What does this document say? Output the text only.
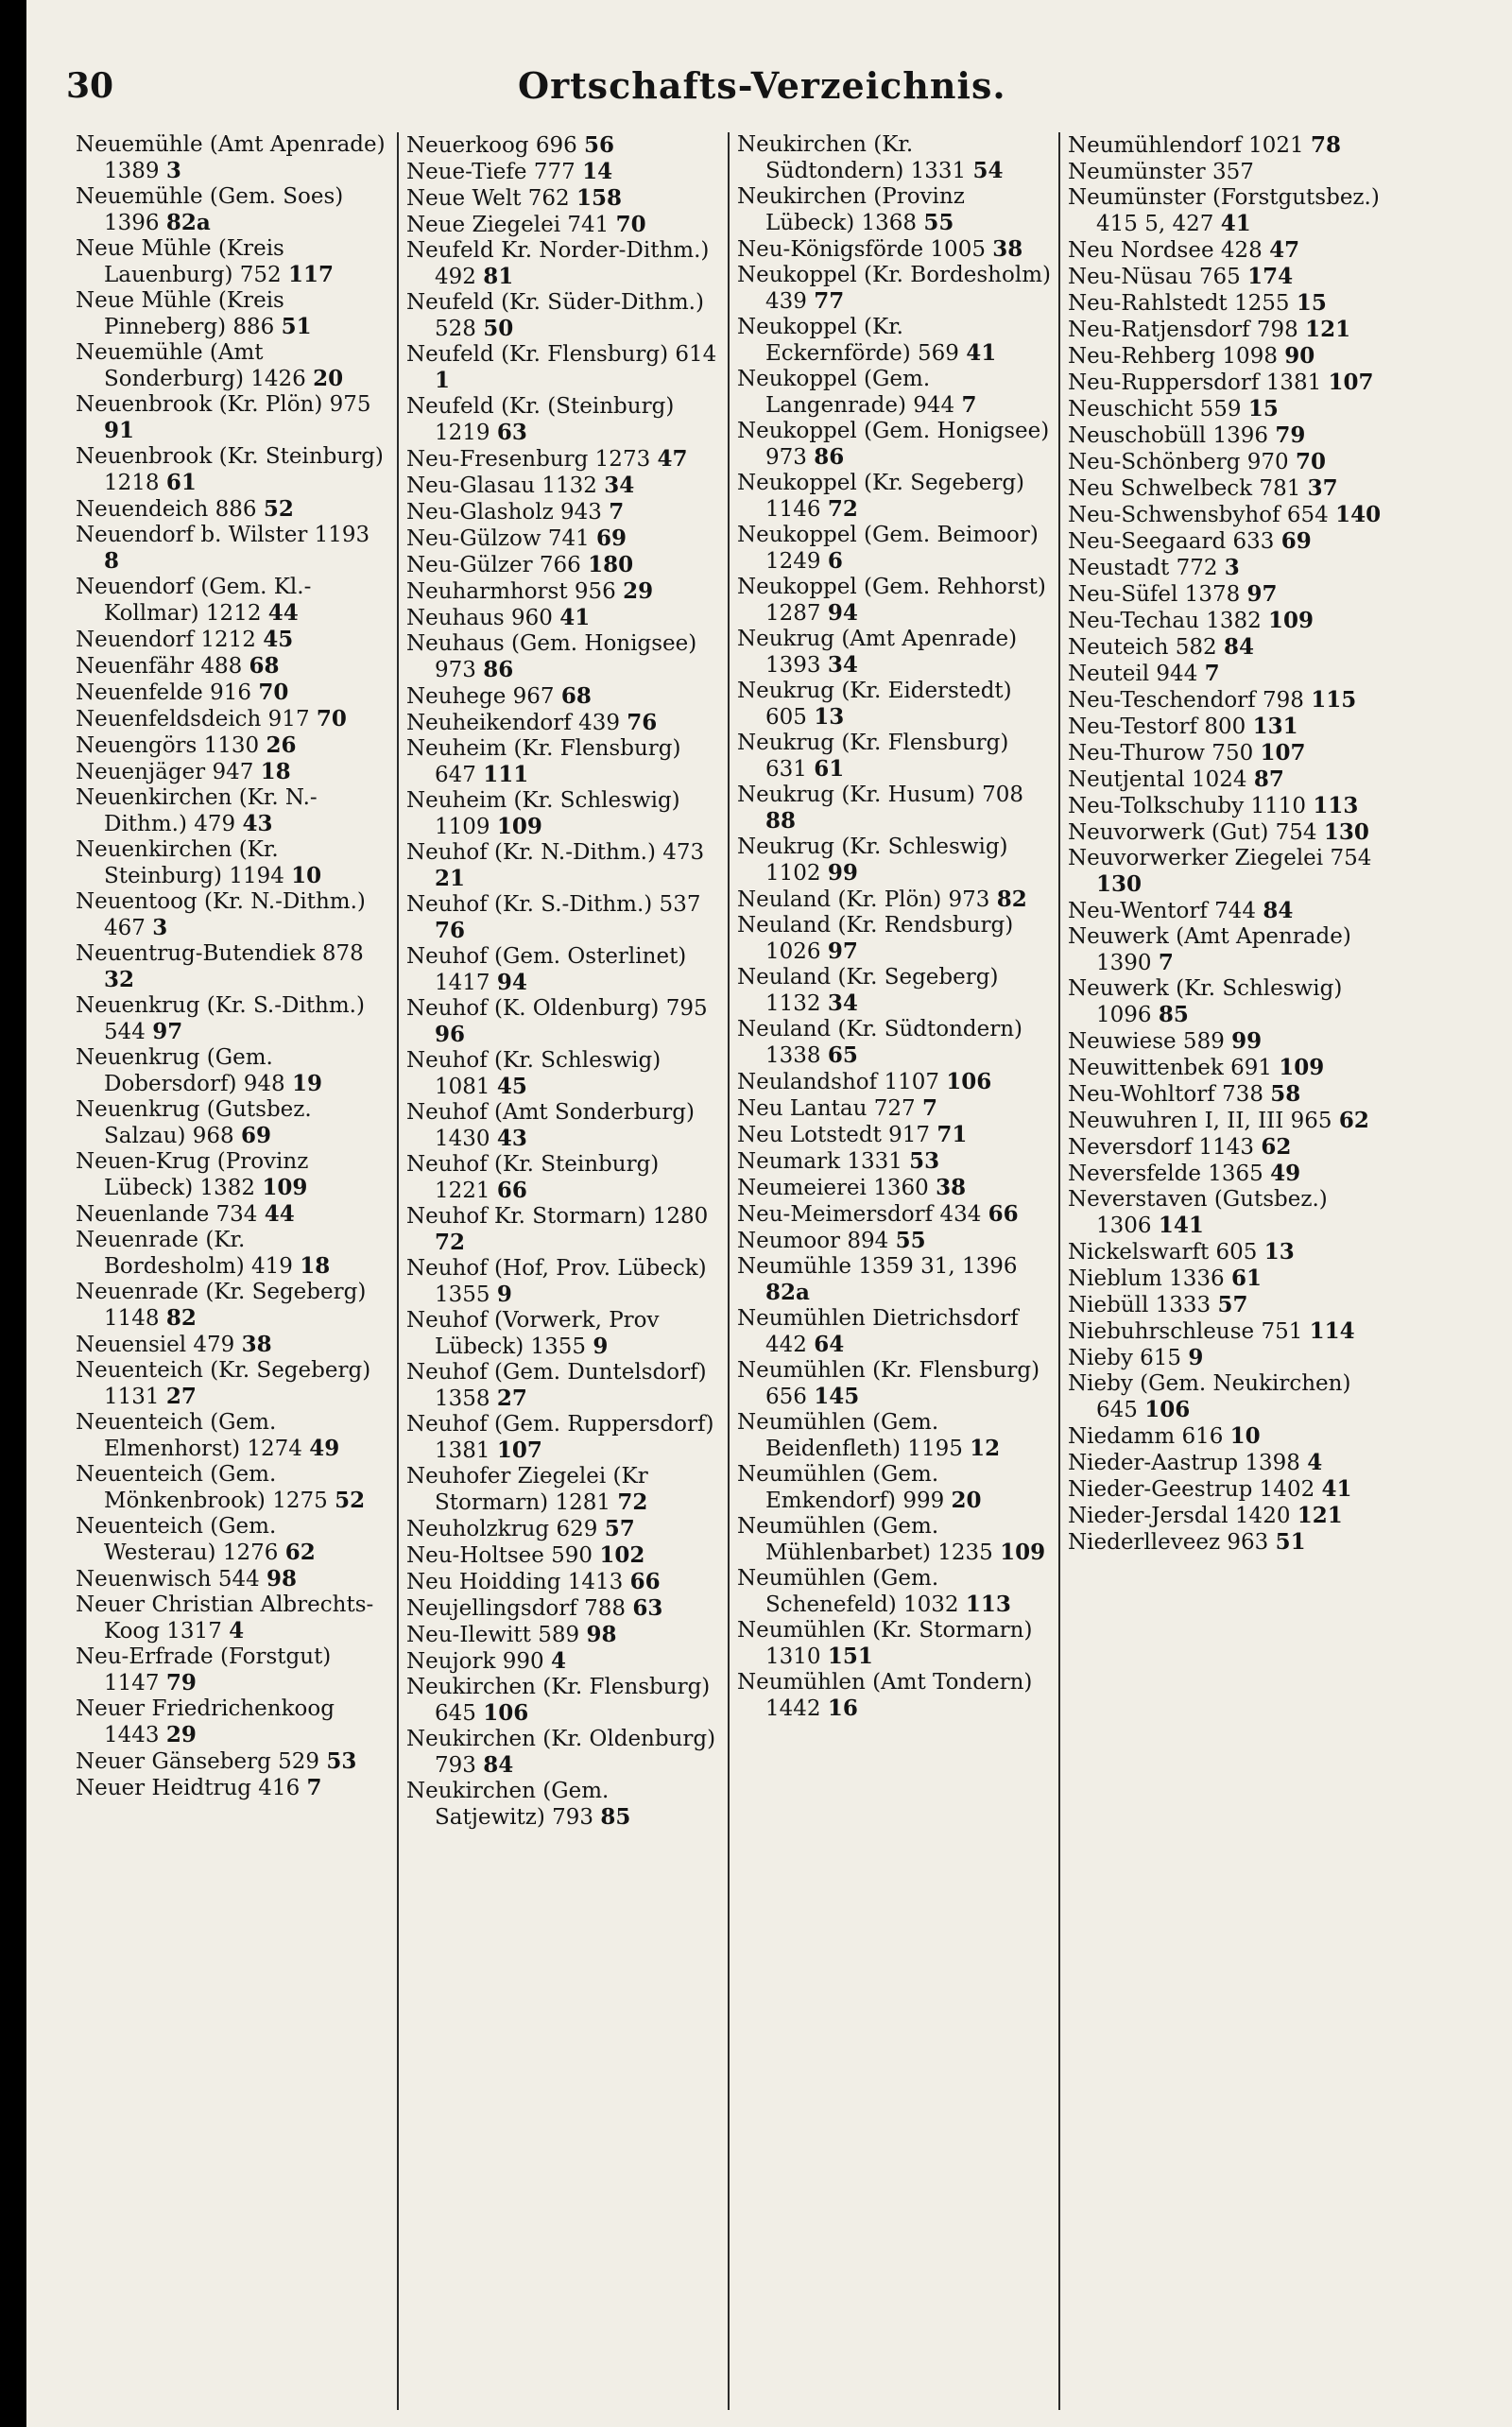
30	Ortschafts-Verzeichnis.

Neuemühle (Amt Apenrade) 1389 3

Neuemühle (Gem. Soes) 1396 82a

Neue Mühle (Kreis Lauenburg) 752 117

Neue Mühle (Kreis Pinneberg) 886 51

Neuemühle (Amt Sonderburg) 1426 20

Neuenbrook (Kr. Plön) 975 91

Neuenbrook (Kr. Steinburg) 1218 61

Neuendeich 886 52

Neuendorf b. Wilster 1193 8

Neuendorf (Gem. Kl.-Kollmar) 1212 44

Neuendorf 1212 45

Neuenfähr 488 68

Neuenfelde 916 70

Neuenfeldsdeich 917 70

Neuengörs 1130 26

Neuenjäger 947 18

Neuenkirchen (Kr. N.-Dithm.) 479 43

Neuenkirchen (Kr. Steinburg) 1194 10

Neuentoog (Kr. N.-Dithm.) 467 3

Neuentrug-Butendiek 878 32

Neuenkrug (Kr. S.-Dithm.) 544 97

Neuenkrug (Gem. Dobersdorf) 948 19

Neuenkrug (Gutsbez. Salzau) 968 69

Neuen-Krug (Provinz Lübeck) 1382 109

Neuenlande 734 44

Neuenrade (Kr. Bordesholm) 419 18

Neuenrade (Kr. Segeberg) 1148 82

Neuensiel 479 38

Neuenteich (Kr. Segeberg) 1131 27

Neuenteich (Gem. Elmenhorst) 1274 49

Neuenteich (Gem. Mönkenbrook) 1275 52

Neuenteich (Gem. Westerau) 1276 62

Neuenwisch 544 98

Neuer Christian Albrechts-Koog 1317 4

Neu-Erfrade (Forstgut) 1147 79

Neuer Friedrichenkoog 1443 29

Neuer Gänseberg 529 53

Neuer Heidtrug 416 7

Neuerkoog 696 56

Neue-Tiefe 777 14

Neue Welt 762 158

Neue Ziegelei 741 70

Neufeld Kr. Norder-Dithm.) 492 81

Neufeld (Kr. Süder-Dithm.) 528 50

Neufeld (Kr. Flensburg) 614 1

Neufeld (Kr. (Steinburg) 1219 63

Neu-Fresenburg 1273 47

Neu-Glasau 1132 34

Neu-Glasholz 943 7

Neu-Gülzow 741 69

Neu-Gülzer 766 180

Neuharmhorst 956 29

Neuhaus 960 41

Neuhaus (Gem. Honigsee) 973 86

Neuhege 967 68

Neuheikendorf 439 76

Neuheim (Kr. Flensburg) 647 111

Neuheim (Kr. Schleswig) 1109 109

Neuhof (Kr. N.-Dithm.) 473 21

Neuhof (Kr. S.-Dithm.) 537 76

Neuhof (Gem. Osterlinet) 1417 94

Neuhof (K. Oldenburg) 795 96

Neuhof (Kr. Schleswig) 1081 45

Neuhof (Amt Sonderburg) 1430 43

Neuhof (Kr. Steinburg) 1221 66

Neuhof Kr. Stormarn) 1280 72

Neuhof (Hof, Prov. Lübeck) 1355 9

Neuhof (Vorwerk, Prov Lübeck) 1355 9

Neuhof (Gem. Duntelsdorf) 1358 27

Neuhof (Gem. Ruppersdorf) 1381 107

Neuhofer Ziegelei (Kr Stormarn) 1281 72

Neuholzkrug 629 57

Neu-Holtsee 590 102

Neu Hoidding 1413 66

Neujellingsdorf 788 63

Neu-Ilewitt 589 98

Neujork 990 4

Neukirchen (Kr. Flensburg) 645 106

Neukirchen (Kr. Oldenburg) 793 84

Neukirchen (Gem. Satjewitz) 793 85

Neukirchen (Kr. Südtondern) 1331 54

Neukirchen (Provinz Lübeck) 1368 55

Neu-Königsförde 1005 38

Neukoppel (Kr. Bordesholm) 439 77

Neukoppel (Kr. Eckernförde) 569 41

Neukoppel (Gem. Langenrade) 944 7

Neukoppel (Gem. Honigsee) 973 86

Neukoppel (Kr. Segeberg) 1146 72

Neukoppel (Gem. Beimoor) 1249 6

Neukoppel (Gem. Rehhorst) 1287 94

Neukrug (Amt Apenrade) 1393 34

Neukrug (Kr. Eiderstedt) 605 13

Neukrug (Kr. Flensburg) 631 61

Neukrug (Kr. Husum) 708 88

Neukrug (Kr. Schleswig) 1102 99

Neuland (Kr. Plön) 973 82

Neuland (Kr. Rendsburg) 1026 97

Neuland (Kr. Segeberg) 1132 34

Neuland (Kr. Südtondern) 1338 65

Neulandshof 1107 106

Neu Lantau 727 7

Neu Lotstedt 917 71

Neumark 1331 53

Neumeierei 1360 38

Neu-Meimersdorf 434 66

Neumoor 894 55

Neumühle 1359 31, 1396 82a

Neumühlen Dietrichsdorf 442 64

Neumühlen (Kr. Flensburg) 656 145

Neumühlen (Gem. Beidenfleth) 1195 12

Neumühlen (Gem. Emkendorf) 999 20

Neumühlen (Gem. Mühlenbarbet) 1235 109

Neumühlen (Gem. Schenefeld) 1032 113

Neumühlen (Kr. Stormarn) 1310 151

Neumühlen (Amt Tondern) 1442 16

Neumühlendorf 1021 78

Neumünster 357

Neumünster (Forstgutsbez.) 415 5, 427 41

Neu Nordsee 428 47

Neu-Nüsau 765 174

Neu-Rahlstedt 1255 15

Neu-Ratjensdorf 798 121

Neu-Rehberg 1098 90

Neu-Ruppersdorf 1381 107

Neuschicht 559 15

Neuschobüll 1396 79

Neu-Schönberg 970 70

Neu Schwelbeck 781 37

Neu-Schwensbyhof 654 140

Neu-Seegaard 633 69

Neustadt 772 3

Neu-Süfel 1378 97

Neu-Techau 1382 109

Neuteich 582 84

Neuteil 944 7

Neu-Teschendorf 798 115

Neu-Testorf 800 131

Neu-Thurow 750 107

Neutjental 1024 87

Neu-Tolkschuby 1110 113

Neuvorwerk (Gut) 754 130

Neuvorwerker Ziegelei 754 130

Neu-Wentorf 744 84

Neuwerk (Amt Apenrade) 1390 7

Neuwerk (Kr. Schleswig) 1096 85

Neuwiese 589 99

Neuwittenbek 691 109

Neu-Wohltorf 738 58

Neuwuhren I, II, III 965 62

Neversdorf 1143 62

Neversfelde 1365 49

Neverstaven (Gutsbez.) 1306 141

Nickelswarft 605 13

Nieblum 1336 61

Niebüll 1333 57

Niebuhrschleuse 751 114

Nieby 615 9

Nieby (Gem. Neukirchen) 645 106

Niedamm 616 10

Nieder-Aastrup 1398 4

Nieder-Geestrup 1402 41

Nieder-Jersdal 1420 121

Niederlleveez 963 51
